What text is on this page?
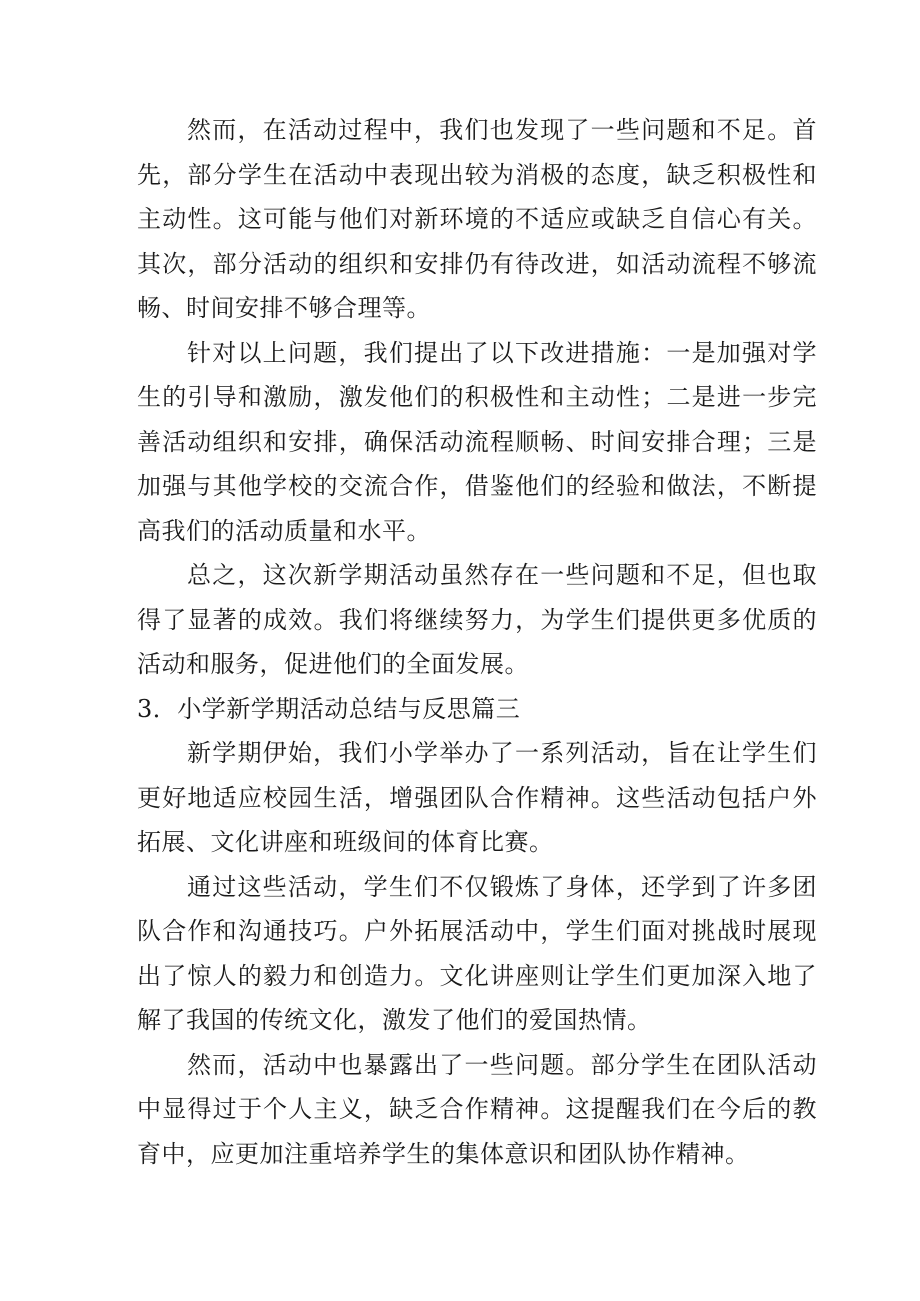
然而，在活动过程中，我们也发现了一些问题和不足。首先，部分学生在活动中表现出较为消极的态度，缺乏积极性和主动性。这可能与他们对新环境的不适应或缺乏自信心有关。其次，部分活动的组织和安排仍有待改进，如活动流程不够流畅、时间安排不够合理等。

针对以上问题，我们提出了以下改进措施：一是加强对学生的引导和激励，激发他们的积极性和主动性；二是进一步完善活动组织和安排，确保活动流程顺畅、时间安排合理；三是加强与其他学校的交流合作，借鉴他们的经验和做法，不断提高我们的活动质量和水平。

总之，这次新学期活动虽然存在一些问题和不足，但也取得了显著的成效。我们将继续努力，为学生们提供更多优质的活动和服务，促进他们的全面发展。

3．小学新学期活动总结与反思篇三

新学期伊始，我们小学举办了一系列活动，旨在让学生们更好地适应校园生活，增强团队合作精神。这些活动包括户外拓展、文化讲座和班级间的体育比赛。

通过这些活动，学生们不仅锻炼了身体，还学到了许多团队合作和沟通技巧。户外拓展活动中，学生们面对挑战时展现出了惊人的毅力和创造力。文化讲座则让学生们更加深入地了解了我国的传统文化，激发了他们的爱国热情。

然而，活动中也暴露出了一些问题。部分学生在团队活动中显得过于个人主义，缺乏合作精神。这提醒我们在今后的教育中，应更加注重培养学生的集体意识和团队协作精神。
